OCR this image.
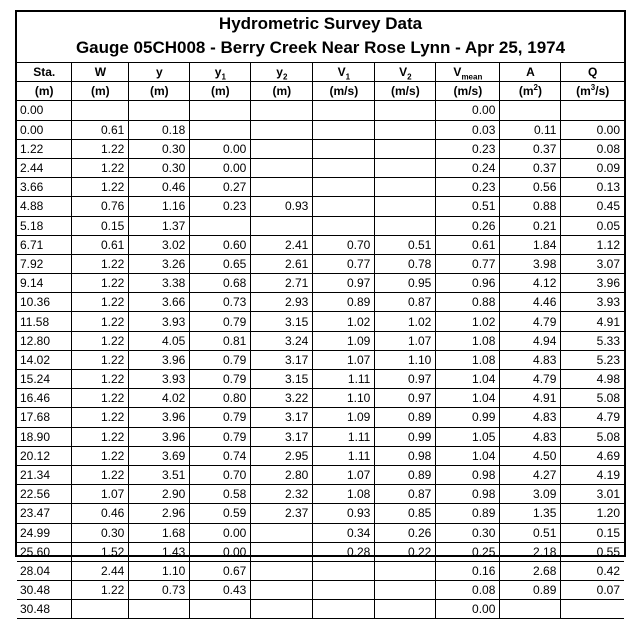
Hydrometric Survey Data
Gauge 05CH008 - Berry Creek Near Rose Lynn - Apr 25, 1974
Sta.	W	y	$y_1$	$y_2$	$V_1$	$V_2$	$V_{mean}$	A	Q
(m)	(m)	(m)	(m)	(m)	(m/s)	(m/s)	(m/s)	$(m^2)$	$(m^3/s)$
0.00							0.00		
0.00	0.61	0.18					0.03	0.11	0.00
1.22	1.22	0.30	0.00				0.23	0.37	0.08
2.44	1.22	0.30	0.00				0.24	0.37	0.09
3.66	1.22	0.46	0.27				0.23	0.56	0.13
4.88	0.76	1.16	0.23	0.93			0.51	0.88	0.45
5.18	0.15	1.37					0.26	0.21	0.05
6.71	0.61	3.02	0.60	2.41	0.70	0.51	0.61	1.84	1.12
7.92	1.22	3.26	0.65	2.61	0.77	0.78	0.77	3.98	3.07
9.14	1.22	3.38	0.68	2.71	0.97	0.95	0.96	4.12	3.96
10.36	1.22	3.66	0.73	2.93	0.89	0.87	0.88	4.46	3.93
11.58	1.22	3.93	0.79	3.15	1.02	1.02	1.02	4.79	4.91
12.80	1.22	4.05	0.81	3.24	1.09	1.07	1.08	4.94	5.33
14.02	1.22	3.96	0.79	3.17	1.07	1.10	1.08	4.83	5.23
15.24	1.22	3.93	0.79	3.15	1.11	0.97	1.04	4.79	4.98
16.46	1.22	4.02	0.80	3.22	1.10	0.97	1.04	4.91	5.08
17.68	1.22	3.96	0.79	3.17	1.09	0.89	0.99	4.83	4.79
18.90	1.22	3.96	0.79	3.17	1.11	0.99	1.05	4.83	5.08
20.12	1.22	3.69	0.74	2.95	1.11	0.98	1.04	4.50	4.69
21.34	1.22	3.51	0.70	2.80	1.07	0.89	0.98	4.27	4.19
22.56	1.07	2.90	0.58	2.32	1.08	0.87	0.98	3.09	3.01
23.47	0.46	2.96	0.59	2.37	0.93	0.85	0.89	1.35	1.20
24.99	0.30	1.68	0.00		0.34	0.26	0.30	0.51	0.15
25.60	1.52	1.43	0.00		0.28	0.22	0.25	2.18	0.55
28.04	2.44	1.10	0.67				0.16	2.68	0.42
30.48	1.22	0.73	0.43				0.08	0.89	0.07
30.48							0.00		
